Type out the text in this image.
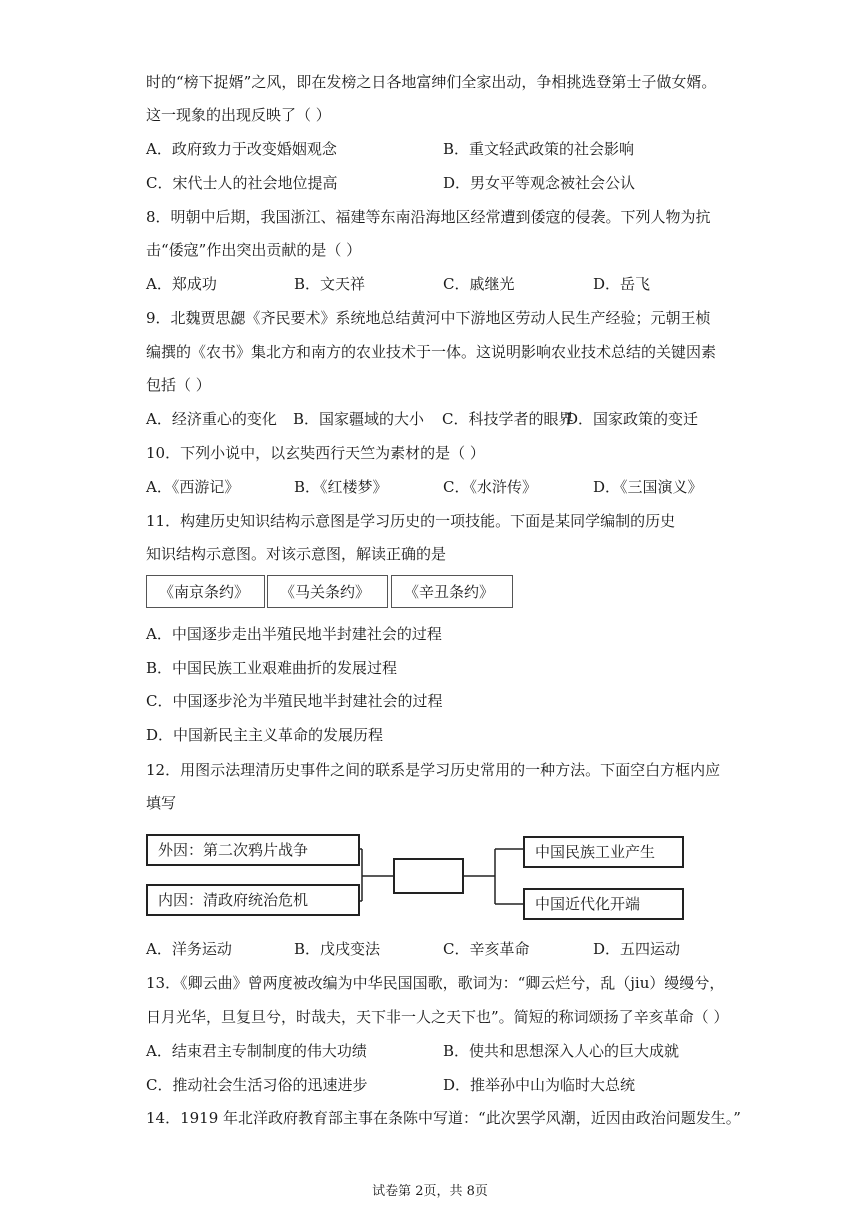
时的“榜下捉婿”之风，即在发榜之日各地富绅们全家出动，争相挑选登第士子做女婿。
这一现象的出现反映了（ ）
A．政府致力于改变婚姻观念	B．重文轻武政策的社会影响
C．宋代士人的社会地位提高	D．男女平等观念被社会公认
8．明朝中后期，我国浙江、福建等东南沿海地区经常遭到倭寇的侵袭。下列人物为抗
击“倭寇”作出突出贡献的是（ ）
A．郑成功	B．文天祥	C．戚继光	D．岳飞
9．北魏贾思勰《齐民要术》系统地总结黄河中下游地区劳动人民生产经验；元朝王桢
编撰的《农书》集北方和南方的农业技术于一体。这说明影响农业技术总结的关键因素
包括（ ）
A．经济重心的变化 B．国家疆域的大小 C．科技学者的眼界
D．国家政策的变迁
10．下列小说中，以玄奘西行天竺为素材的是（ ）
A．《西游记》	B．《红楼梦》	C．《水浒传》	D．《三国演义》
11．构建历史知识结构示意图是学习历史的一项技能。下面是某同学编制的历史
知识结构示意图。对该示意图，解读正确的是
《南京条约》	《马关条约》	《辛丑条约》
A．中国逐步走出半殖民地半封建社会的过程
B．中国民族工业艰难曲折的发展过程
C．中国逐步沦为半殖民地半封建社会的过程
D．中国新民主主义革命的发展历程
12．用图示法理清历史事件之间的联系是学习历史常用的一种方法。下面空白方框内应
填写
外因：第二次鸦片战争
内因：清政府统治危机
中国民族工业产生
中国近代化开端
A．洋务运动	B．戊戌变法	C．辛亥革命	D．五四运动
13．《卿云曲》曾两度被改编为中华民国国歌，歌词为：“卿云烂兮，乱（jiu）缦缦兮，
日月光华，旦复旦兮，时哉夫，天下非一人之天下也”。简短的称词颂扬了辛亥革命（ ）
A．结束君主专制制度的伟大功绩	B．使共和思想深入人心的巨大成就
C．推动社会生活习俗的迅速进步	D．推举孙中山为临时大总统
14．1919 年北洋政府教育部主事在条陈中写道：“此次罢学风潮，近因由政治问题发生。”
试卷第 2页，共 8页
